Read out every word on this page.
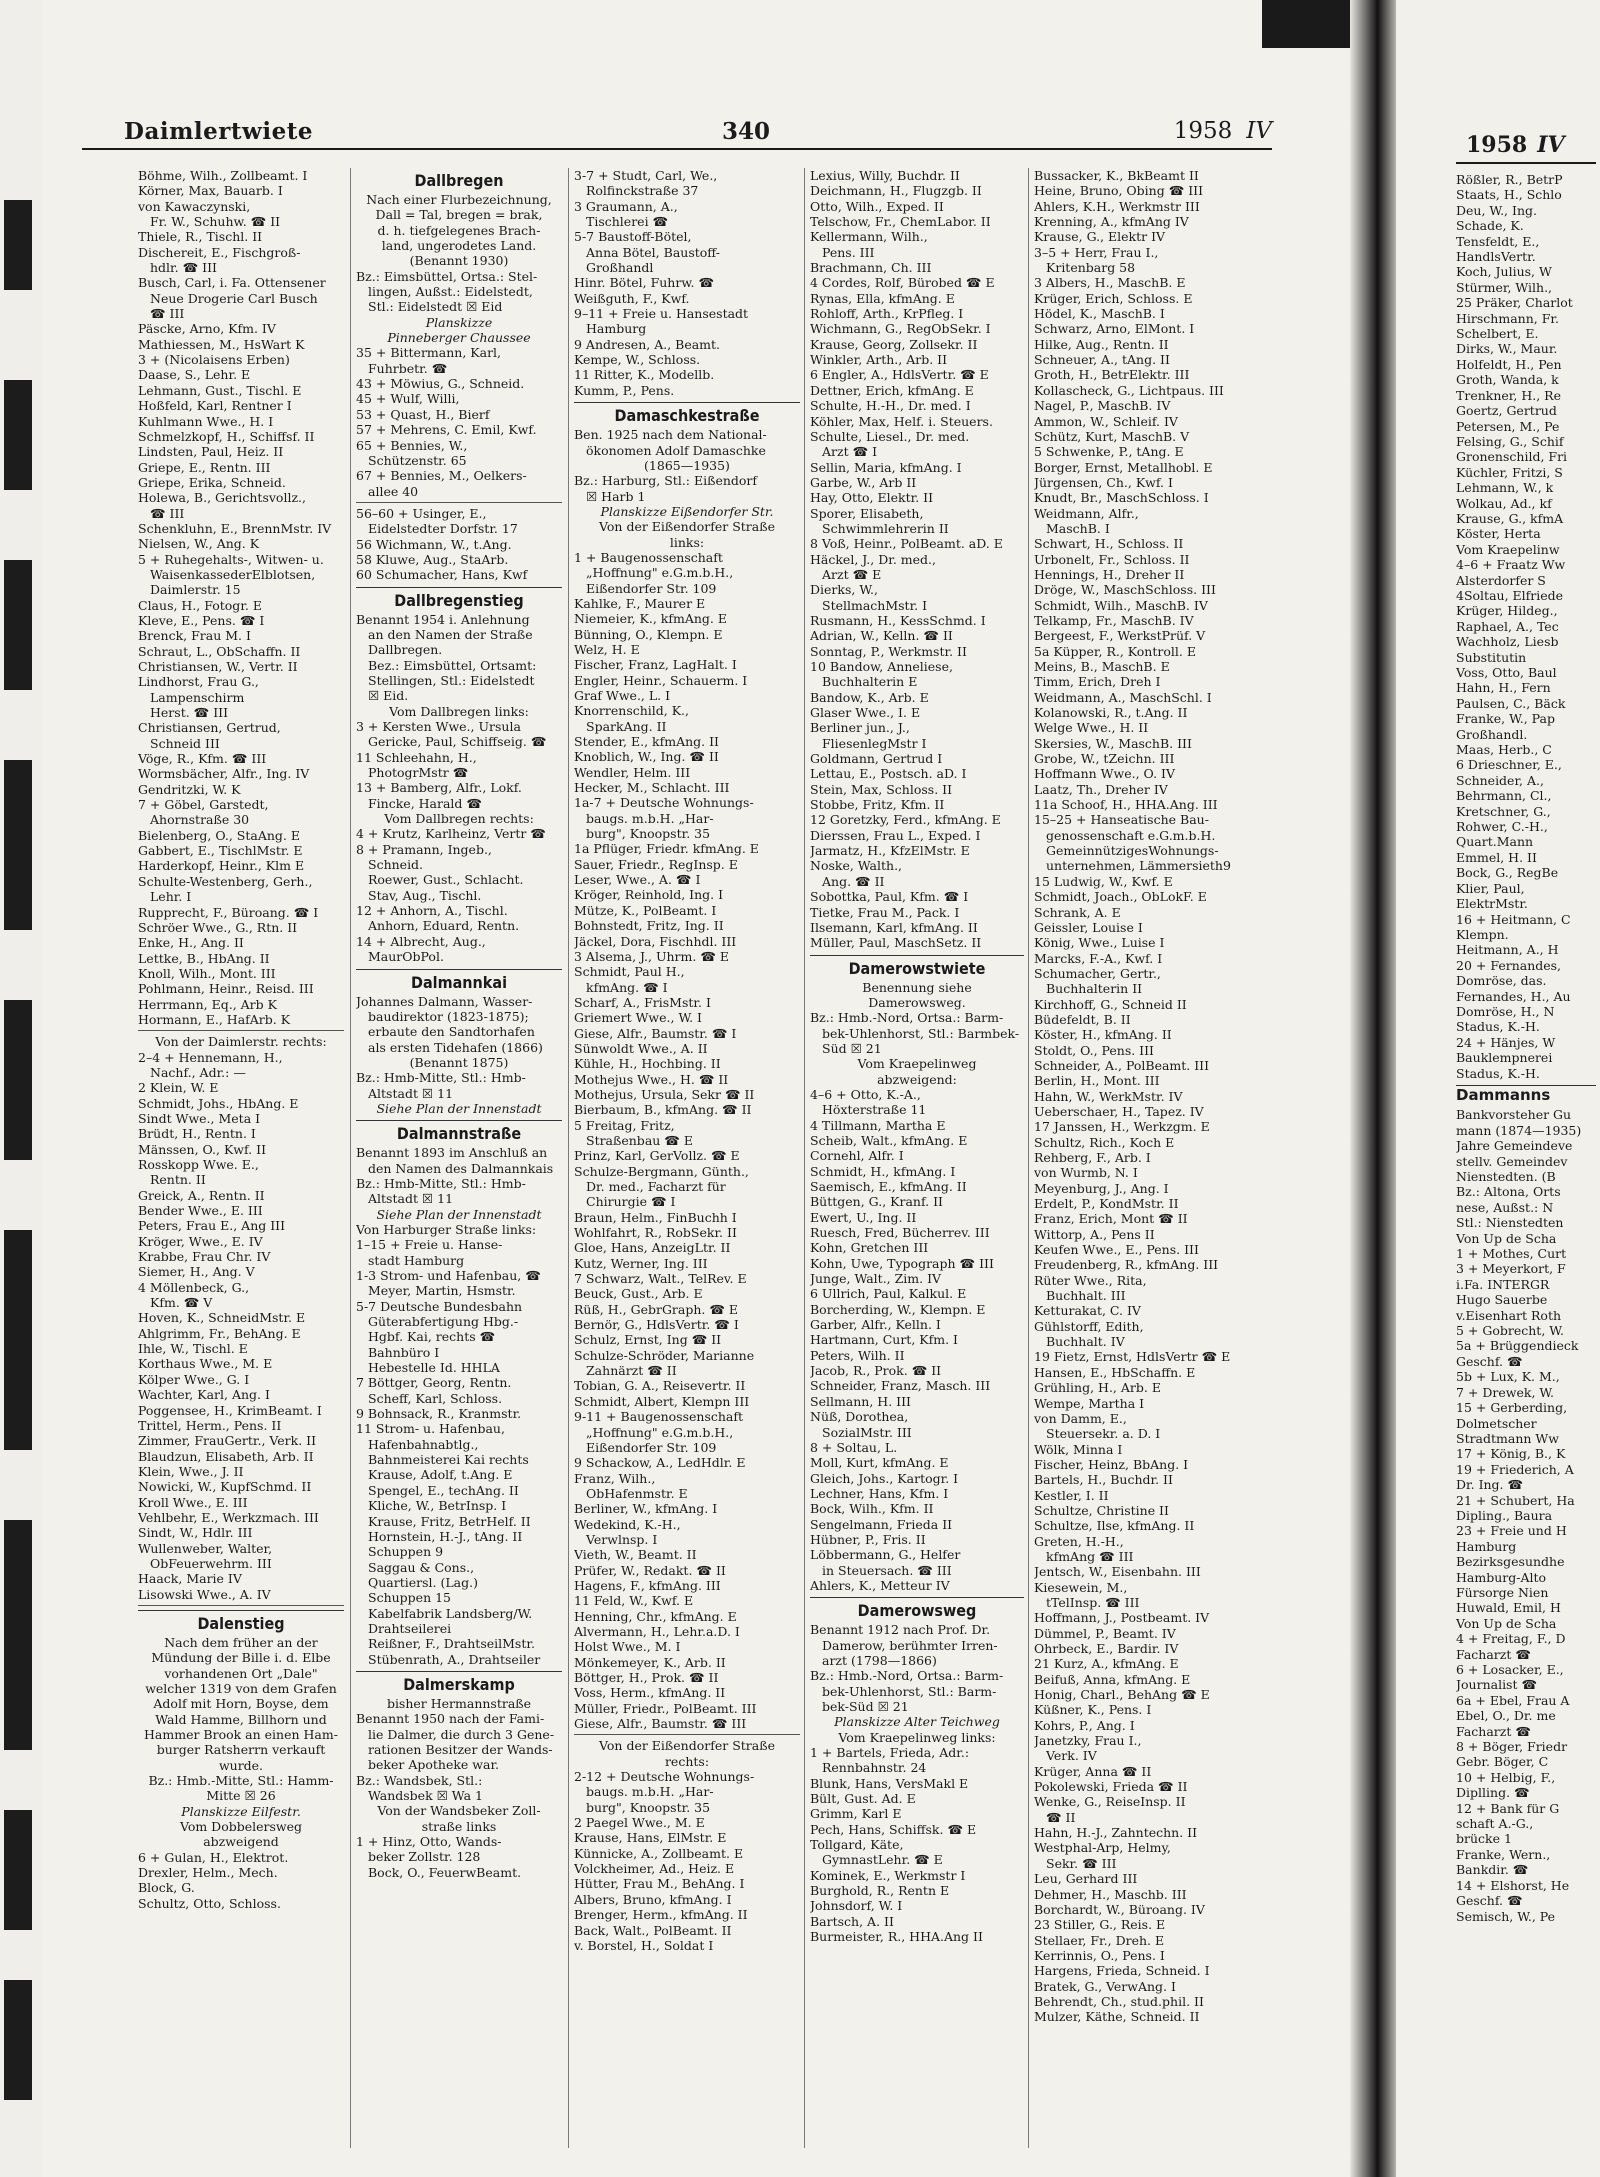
Daimlertwiete	340	1958 IV
Böhme, Wilh., Zollbeamt. I
Körner, Max, Bauarb. I
von Kawaczynski,
Fr. W., Schuhw. ☎ II
Thiele, R., Tischl. II
Dischereit, E., Fischgroß-
hdlr. ☎ III
Busch, Carl, i. Fa. Ottensener
Neue Drogerie Carl Busch
☎ III
Päscke, Arno, Kfm. IV
Mathiessen, M., HsWart K
3 + (Nicolaisens Erben)
Daase, S., Lehr. E
Lehmann, Gust., Tischl. E
Hoßfeld, Karl, Rentner I
Kuhlmann Wwe., H. I
Schmelzkopf, H., Schiffsf. II
Lindsten, Paul, Heiz. II
Griepe, E., Rentn. III
Griepe, Erika, Schneid.
Holewa, B., Gerichtsvollz.,
☎ III
Schenkluhn, E., BrennMstr. IV
Nielsen, W., Ang. K
5 + Ruhegehalts-, Witwen- u.
WaisenkassederElblotsen,
Daimlerstr. 15
Claus, H., Fotogr. E
Kleve, E., Pens. ☎ I
Brenck, Frau M. I
Schraut, L., ObSchaffn. II
Christiansen, W., Vertr. II
Lindhorst, Frau G.,
Lampenschirm
Herst. ☎ III
Christiansen, Gertrud,
Schneid III
Vöge, R., Kfm. ☎ III
Wormsbächer, Alfr., Ing. IV
Gendritzki, W. K
7 + Göbel, Garstedt,
Ahornstraße 30
Bielenberg, O., StaAng. E
Gabbert, E., TischlMstr. E
Harderkopf, Heinr., Klm E
Schulte-Westenberg, Gerh.,
Lehr. I
Rupprecht, F., Büroang. ☎ I
Schröer Wwe., G., Rtn. II
Enke, H., Ang. II
Lettke, B., HbAng. II
Knoll, Wilh., Mont. III
Pohlmann, Heinr., Reisd. III
Herrmann, Eq., Arb K
Hormann, E., HafArb. K
Von der Daimlerstr. rechts:
2–4 + Hennemann, H.,
Nachf., Adr.: —
2 Klein, W. E
Schmidt, Johs., HbAng. E
Sindt Wwe., Meta I
Brüdt, H., Rentn. I
Mänssen, O., Kwf. II
Rosskopp Wwe. E.,
Rentn. II
Greick, A., Rentn. II
Bender Wwe., E. III
Peters, Frau E., Ang III
Kröger, Wwe., E. IV
Krabbe, Frau Chr. IV
Siemer, H., Ang. V
4 Möllenbeck, G.,
Kfm. ☎ V
Hoven, K., SchneidMstr. E
Ahlgrimm, Fr., BehAng. E
Ihle, W., Tischl. E
Korthaus Wwe., M. E
Kölper Wwe., G. I
Wachter, Karl, Ang. I
Poggensee, H., KrimBeamt. I
Trittel, Herm., Pens. II
Zimmer, FrauGertr., Verk. II
Blaudzun, Elisabeth, Arb. II
Klein, Wwe., J. II
Nowicki, W., KupfSchmd. II
Kroll Wwe., E. III
Vehlbehr, E., Werkzmach. III
Sindt, W., Hdlr. III
Wullenweber, Walter,
ObFeuerwehrm. III
Haack, Marie IV
Lisowski Wwe., A. IV
Dalenstieg
Nach dem früher an der
Mündung der Bille i. d. Elbe
vorhandenen Ort „Dale"
welcher 1319 von dem Grafen
Adolf mit Horn, Boyse, dem
Wald Hamme, Billhorn und
Hammer Brook an einen Ham-
burger Ratsherrn verkauft
wurde.
Bz.: Hmb.-Mitte, Stl.: Hamm-
Mitte ☒ 26
Planskizze Eilfestr.
Vom Dobbelersweg
abzweigend
6 + Gulan, H., Elektrot.
Drexler, Helm., Mech.
Block, G.
Schultz, Otto, Schloss.
Dallbregen
Nach einer Flurbezeichnung,
Dall = Tal, bregen = brak,
d. h. tiefgelegenes Brach-
land, ungerodetes Land.
(Benannt 1930)
Bz.: Eimsbüttel, Ortsa.: Stel-
lingen, Außst.: Eidelstedt,
Stl.: Eidelstedt ☒ Eid
Planskizze
Pinneberger Chaussee
35 + Bittermann, Karl,
Fuhrbetr. ☎
43 + Möwius, G., Schneid.
45 + Wulf, Willi,
53 + Quast, H., Bierf
57 + Mehrens, C. Emil, Kwf.
65 + Bennies, W.,
Schützenstr. 65
67 + Bennies, M., Oelkers-
allee 40
56–60 + Usinger, E.,
Eidelstedter Dorfstr. 17
56 Wichmann, W., t.Ang.
58 Kluwe, Aug., StaArb.
60 Schumacher, Hans, Kwf
Dallbregenstieg
Benannt 1954 i. Anlehnung
an den Namen der Straße
Dallbregen.
Bez.: Eimsbüttel, Ortsamt:
Stellingen, Stl.: Eidelstedt
☒ Eid.
Vom Dallbregen links:
3 + Kersten Wwe., Ursula
Gericke, Paul, Schiffseig. ☎
11 Schleehahn, H.,
PhotogrMstr ☎
13 + Bamberg, Alfr., Lokf.
Fincke, Harald ☎
Vom Dallbregen rechts:
4 + Krutz, Karlheinz, Vertr ☎
8 + Pramann, Ingeb.,
Schneid.
Roewer, Gust., Schlacht.
Stav, Aug., Tischl.
12 + Anhorn, A., Tischl.
Anhorn, Eduard, Rentn.
14 + Albrecht, Aug.,
MaurObPol.
Dalmannkai
Johannes Dalmann, Wasser-
baudirektor (1823-1875);
erbaute den Sandtorhafen
als ersten Tidehafen (1866)
(Benannt 1875)
Bz.: Hmb-Mitte, Stl.: Hmb-
Altstadt ☒ 11
Siehe Plan der Innenstadt
Dalmannstraße
Benannt 1893 im Anschluß an
den Namen des Dalmannkais
Bz.: Hmb-Mitte, Stl.: Hmb-
Altstadt ☒ 11
Siehe Plan der Innenstadt
Von Harburger Straße links:
1–15 + Freie u. Hanse-
stadt Hamburg
1-3 Strom- und Hafenbau, ☎
Meyer, Martin, Hsmstr.
5-7 Deutsche Bundesbahn
Güterabfertigung Hbg.-
Hgbf. Kai, rechts ☎
Bahnbüro I
Hebestelle Id. HHLA
7 Böttger, Georg, Rentn.
Scheff, Karl, Schloss.
9 Bohnsack, R., Kranmstr.
11 Strom- u. Hafenbau,
Hafenbahnabtlg.,
Bahnmeisterei Kai rechts
Krause, Adolf, t.Ang. E
Spengel, E., techAng. II
Kliche, W., BetrInsp. I
Krause, Fritz, BetrHelf. II
Hornstein, H.-J., tAng. II
Schuppen 9
Saggau & Cons.,
Quartiersl. (Lag.)
Schuppen 15
Kabelfabrik Landsberg/W.
Drahtseilerei
Reißner, F., DrahtseilMstr.
Stübenrath, A., Drahtseiler
Dalmerskamp
bisher Hermannstraße
Benannt 1950 nach der Fami-
lie Dalmer, die durch 3 Gene-
rationen Besitzer der Wands-
beker Apotheke war.
Bz.: Wandsbek, Stl.:
Wandsbek ☒ Wa 1
Von der Wandsbeker Zoll-
straße links
1 + Hinz, Otto, Wands-
beker Zollstr. 128
Bock, O., FeuerwBeamt.
3-7 + Studt, Carl, We.,
Rolfinckstraße 37
3 Graumann, A.,
Tischlerei ☎
5-7 Baustoff-Bötel,
Anna Bötel, Baustoff-
Großhandl
Hinr. Bötel, Fuhrw. ☎
Weißguth, F., Kwf.
9–11 + Freie u. Hansestadt
Hamburg
9 Andresen, A., Beamt.
Kempe, W., Schloss.
11 Ritter, K., Modellb.
Kumm, P., Pens.
Damaschkestraße
Ben. 1925 nach dem National-
ökonomen Adolf Damaschke
(1865—1935)
Bz.: Harburg, Stl.: Eißendorf
☒ Harb 1
Planskizze Eißendorfer Str.
Von der Eißendorfer Straße
links:
1 + Baugenossenschaft
„Hoffnung" e.G.m.b.H.,
Eißendorfer Str. 109
Kahlke, F., Maurer E
Niemeier, K., kfmAng. E
Bünning, O., Klempn. E
Welz, H. E
Fischer, Franz, LagHalt. I
Engler, Heinr., Schauerm. I
Graf Wwe., L. I
Knorrenschild, K.,
SparkAng. II
Stender, E., kfmAng. II
Knoblich, W., Ing. ☎ II
Wendler, Helm. III
Hecker, M., Schlacht. III
1a-7 + Deutsche Wohnungs-
baugs. m.b.H. „Har-
burg", Knoopstr. 35
1a Pflüger, Friedr. kfmAng. E
Sauer, Friedr., RegInsp. E
Leser, Wwe., A. ☎ I
Kröger, Reinhold, Ing. I
Mütze, K., PolBeamt. I
Bohnstedt, Fritz, Ing. II
Jäckel, Dora, Fischhdl. III
3 Alsema, J., Uhrm. ☎ E
Schmidt, Paul H.,
kfmAng. ☎ I
Scharf, A., FrisMstr. I
Griemert Wwe., W. I
Giese, Alfr., Baumstr. ☎ I
Sünwoldt Wwe., A. II
Kühle, H., Hochbing. II
Mothejus Wwe., H. ☎ II
Mothejus, Ursula, Sekr ☎ II
Bierbaum, B., kfmAng. ☎ II
5 Freitag, Fritz,
Straßenbau ☎ E
Prinz, Karl, GerVollz. ☎ E
Schulze-Bergmann, Günth.,
Dr. med., Facharzt für
Chirurgie ☎ I
Braun, Helm., FinBuchh I
Wohlfahrt, R., RobSekr. II
Gloe, Hans, AnzeigLtr. II
Kutz, Werner, Ing. III
7 Schwarz, Walt., TelRev. E
Beuck, Gust., Arb. E
Rüß, H., GebrGraph. ☎ E
Bernör, G., HdlsVertr. ☎ I
Schulz, Ernst, Ing ☎ II
Schulze-Schröder, Marianne
Zahnärzt ☎ II
Tobian, G. A., Reisevertr. II
Schmidt, Albert, Klempn III
9-11 + Baugenossenschaft
„Hoffnung" e.G.m.b.H.,
Eißendorfer Str. 109
9 Schackow, A., LedHdlr. E
Franz, Wilh.,
ObHafenmstr. E
Berliner, W., kfmAng. I
Wedekind, K.-H.,
Verwlnsp. I
Vieth, W., Beamt. II
Prüfer, W., Redakt. ☎ II
Hagens, F., kfmAng. III
11 Feld, W., Kwf. E
Henning, Chr., kfmAng. E
Alvermann, H., Lehr.a.D. I
Holst Wwe., M. I
Mönkemeyer, K., Arb. II
Böttger, H., Prok. ☎ II
Voss, Herm., kfmAng. II
Müller, Friedr., PolBeamt. III
Giese, Alfr., Baumstr. ☎ III
Von der Eißendorfer Straße
rechts:
2-12 + Deutsche Wohnungs-
baugs. m.b.H. „Har-
burg", Knoopstr. 35
2 Paegel Wwe., M. E
Krause, Hans, ElMstr. E
Künnicke, A., Zollbeamt. E
Volckheimer, Ad., Heiz. E
Hütter, Frau M., BehAng. I
Albers, Bruno, kfmAng. I
Brenger, Herm., kfmAng. II
Back, Walt., PolBeamt. II
v. Borstel, H., Soldat I
Lexius, Willy, Buchdr. II
Deichmann, H., Flugzgb. II
Otto, Wilh., Exped. II
Telschow, Fr., ChemLabor. II
Kellermann, Wilh.,
Pens. III
Brachmann, Ch. III
4 Cordes, Rolf, Bürobed ☎ E
Rynas, Ella, kfmAng. E
Rohloff, Arth., KrPfleg. I
Wichmann, G., RegObSekr. I
Krause, Georg, Zollsekr. II
Winkler, Arth., Arb. II
6 Engler, A., HdlsVertr. ☎ E
Dettner, Erich, kfmAng. E
Schulte, H.-H., Dr. med. I
Köhler, Max, Helf. i. Steuers.
Schulte, Liesel., Dr. med.
Arzt ☎ I
Sellin, Maria, kfmAng. I
Garbe, W., Arb II
Hay, Otto, Elektr. II
Sporer, Elisabeth,
Schwimmlehrerin II
8 Voß, Heinr., PolBeamt. aD. E
Häckel, J., Dr. med.,
Arzt ☎ E
Dierks, W.,
StellmachMstr. I
Rusmann, H., KessSchmd. I
Adrian, W., Kelln. ☎ II
Sonntag, P., Werkmstr. II
10 Bandow, Anneliese,
Buchhalterin E
Bandow, K., Arb. E
Glaser Wwe., I. E
Berliner jun., J.,
FliesenlegMstr I
Goldmann, Gertrud I
Lettau, E., Postsch. aD. I
Stein, Max, Schloss. II
Stobbe, Fritz, Kfm. II
12 Goretzky, Ferd., kfmAng. E
Dierssen, Frau L., Exped. I
Jarmatz, H., KfzElMstr. E
Noske, Walth.,
Ang. ☎ II
Sobottka, Paul, Kfm. ☎ I
Tietke, Frau M., Pack. I
Ilsemann, Karl, kfmAng. II
Müller, Paul, MaschSetz. II
Damerowstwiete
Benennung siehe
Damerowsweg.
Bz.: Hmb.-Nord, Ortsa.: Barm-
bek-Uhlenhorst, Stl.: Barmbek-
Süd ☒ 21
Vom Kraepelinweg
abzweigend:
4–6 + Otto, K.-A.,
Höxterstraße 11
4 Tillmann, Martha E
Scheib, Walt., kfmAng. E
Cornehl, Alfr. I
Schmidt, H., kfmAng. I
Saemisch, E., kfmAng. II
Büttgen, G., Kranf. II
Ewert, U., Ing. II
Ruesch, Fred, Bücherrev. III
Kohn, Gretchen III
Kohn, Uwe, Typograph ☎ III
Junge, Walt., Zim. IV
6 Ullrich, Paul, Kalkul. E
Borcherding, W., Klempn. E
Garber, Alfr., Kelln. I
Hartmann, Curt, Kfm. I
Peters, Wilh. II
Jacob, R., Prok. ☎ II
Schneider, Franz, Masch. III
Sellmann, H. III
Nüß, Dorothea,
SozialMstr. III
8 + Soltau, L.
Moll, Kurt, kfmAng. E
Gleich, Johs., Kartogr. I
Lechner, Hans, Kfm. I
Bock, Wilh., Kfm. II
Sengelmann, Frieda II
Hübner, P., Fris. II
Löbbermann, G., Helfer
in Steuersach. ☎ III
Ahlers, K., Metteur IV
Damerowsweg
Benannt 1912 nach Prof. Dr.
Damerow, berühmter Irren-
arzt (1798—1866)
Bz.: Hmb.-Nord, Ortsa.: Barm-
bek-Uhlenhorst, Stl.: Barm-
bek-Süd ☒ 21
Planskizze Alter Teichweg
Vom Kraepelinweg links:
1 + Bartels, Frieda, Adr.:
Rennbahnstr. 24
Blunk, Hans, VersMakl E
Bült, Gust. Ad. E
Grimm, Karl E
Pech, Hans, Schiffsk. ☎ E
Tollgard, Käte,
GymnastLehr. ☎ E
Kominek, E., Werkmstr I
Burghold, R., Rentn E
Johnsdorf, W. I
Bartsch, A. II
Burmeister, R., HHA.Ang II
Bussacker, K., BkBeamt II
Heine, Bruno, Obing ☎ III
Ahlers, K.H., Werkmstr III
Krenning, A., kfmAng IV
Krause, G., Elektr IV
3–5 + Herr, Frau I.,
Kritenbarg 58
3 Albers, H., MaschB. E
Krüger, Erich, Schloss. E
Hödel, K., MaschB. I
Schwarz, Arno, ElMont. I
Hilke, Aug., Rentn. II
Schneuer, A., tAng. II
Groth, H., BetrElektr. III
Kollascheck, G., Lichtpaus. III
Nagel, P., MaschB. IV
Ammon, W., Schleif. IV
Schütz, Kurt, MaschB. V
5 Schwenke, P., tAng. E
Borger, Ernst, Metallhobl. E
Jürgensen, Ch., Kwf. I
Knudt, Br., MaschSchloss. I
Weidmann, Alfr.,
MaschB. I
Schwart, H., Schloss. II
Urbonelt, Fr., Schloss. II
Hennings, H., Dreher II
Dröge, W., MaschSchloss. III
Schmidt, Wilh., MaschB. IV
Telkamp, Fr., MaschB. IV
Bergeest, F., WerkstPrüf. V
5a Küpper, R., Kontroll. E
Meins, B., MaschB. E
Timm, Erich, Dreh I
Weidmann, A., MaschSchl. I
Kolanowski, R., t.Ang. II
Welge Wwe., H. II
Skersies, W., MaschB. III
Grobe, W., tZeichn. III
Hoffmann Wwe., O. IV
Laatz, Th., Dreher IV
11a Schoof, H., HHA.Ang. III
15–25 + Hanseatische Bau-
genossenschaft e.G.m.b.H.
GemeinnützigesWohnungs-
unternehmen, Lämmersieth9
15 Ludwig, W., Kwf. E
Schmidt, Joach., ObLokF. E
Schrank, A. E
Geissler, Louise I
König, Wwe., Luise I
Marcks, F.-A., Kwf. I
Schumacher, Gertr.,
Buchhalterin II
Kirchhoff, G., Schneid II
Büdefeldt, B. II
Köster, H., kfmAng. II
Stoldt, O., Pens. III
Schneider, A., PolBeamt. III
Berlin, H., Mont. III
Hahn, W., WerkMstr. IV
Ueberschaer, H., Tapez. IV
17 Janssen, H., Werkzgm. E
Schultz, Rich., Koch E
Rehberg, F., Arb. I
von Wurmb, N. I
Meyenburg, J., Ang. I
Erdelt, P., KondMstr. II
Franz, Erich, Mont ☎ II
Wittorp, A., Pens II
Keufen Wwe., E., Pens. III
Freudenberg, R., kfmAng. III
Rüter Wwe., Rita,
Buchhalt. III
Ketturakat, C. IV
Gühlstorff, Edith,
Buchhalt. IV
19 Fietz, Ernst, HdlsVertr ☎ E
Hansen, E., HbSchaffn. E
Grühling, H., Arb. E
Wempe, Martha I
von Damm, E.,
Steuersekr. a. D. I
Wölk, Minna I
Fischer, Heinz, BbAng. I
Bartels, H., Buchdr. II
Kestler, I. II
Schultze, Christine II
Schultze, Ilse, kfmAng. II
Greten, H.-H.,
kfmAng ☎ III
Jentsch, W., Eisenbahn. III
Kiesewein, M.,
tTelInsp. ☎ III
Hoffmann, J., Postbeamt. IV
Dümmel, P., Beamt. IV
Ohrbeck, E., Bardir. IV
21 Kurz, A., kfmAng. E
Beifuß, Anna, kfmAng. E
Honig, Charl., BehAng ☎ E
Küßner, K., Pens. I
Kohrs, P., Ang. I
Janetzky, Frau I.,
Verk. IV
Krüger, Anna ☎ II
Pokolewski, Frieda ☎ II
Wenke, G., ReiseInsp. II
☎ II
Hahn, H.-J., Zahntechn. II
Westphal-Arp, Helmy,
Sekr. ☎ III
Leu, Gerhard III
Dehmer, H., Maschb. III
Borchardt, W., Büroang. IV
23 Stiller, G., Reis. E
Stellaer, Fr., Dreh. E
Kerrinnis, O., Pens. I
Hargens, Frieda, Schneid. I
Bratek, G., VerwAng. I
Behrendt, Ch., stud.phil. II
Mulzer, Käthe, Schneid. II
1958 IV
Rößler, R., BetrP
Staats, H., Schlo
Deu, W., Ing.
Schade, K.
Tensfeldt, E.,
HandlsVertr.
Koch, Julius, W
Stürmer, Wilh.,
25 Präker, Charlot
Hirschmann, Fr.
Schelbert, E.
Dirks, W., Maur.
Holfeldt, H., Pen
Groth, Wanda, k
Trenkner, H., Re
Goertz, Gertrud
Petersen, M., Pe
Felsing, G., Schif
Gronenschild, Fri
Küchler, Fritzi, S
Lehmann, W., k
Wolkau, Ad., kf
Krause, G., kfmA
Köster, Herta
Vom Kraepelinw
4–6 + Fraatz Ww
Alsterdorfer S
4Soltau, Elfriede
Krüger, Hildeg.,
Raphael, A., Tec
Wachholz, Liesb
Substitutin
Voss, Otto, Baul
Hahn, H., Fern
Paulsen, C., Bäck
Franke, W., Pap
Großhandl.
Maas, Herb., C
6 Drieschner, E.,
Schneider, A.,
Behrmann, Cl.,
Kretschner, G.,
Rohwer, C.-H.,
Quart.Mann
Emmel, H. II
Bock, G., RegBe
Klier, Paul,
ElektrMstr.
16 + Heitmann, C
Klempn.
Heitmann, A., H
20 + Fernandes,
Domröse, das.
Fernandes, H., Au
Domröse, H., N
Stadus, K.-H.
24 + Hänjes, W
Bauklempnerei
Stadus, K.-H.
Dammanns
Bankvorsteher Gu
mann (1874—1935)
Jahre Gemeindeve
stellv. Gemeindev
Nienstedten. (B
Bz.: Altona, Orts
nese, Außst.: N
Stl.: Nienstedten
Von Up de Scha
1 + Mothes, Curt
3 + Meyerkort, F
i.Fa. INTERGR
Hugo Sauerbe
v.Eisenhart Roth
5 + Gobrecht, W.
5a + Brüggendieck
Geschf. ☎
5b + Lux, K. M.,
7 + Drewek, W.
15 + Gerberding,
Dolmetscher
Stradtmann Ww
17 + König, B., K
19 + Friederich, A
Dr. Ing. ☎
21 + Schubert, Ha
Dipling., Baura
23 + Freie und H
Hamburg
Bezirksgesundhe
Hamburg-Alto
Fürsorge Nien
Huwald, Emil, H
Von Up de Scha
4 + Freitag, F., D
Facharzt ☎
6 + Losacker, E.,
Journalist ☎
6a + Ebel, Frau A
Ebel, O., Dr. me
Facharzt ☎
8 + Böger, Friedr
Gebr. Böger, C
10 + Helbig, F.,
Diplling. ☎
12 + Bank für G
schaft A.-G.,
brücke 1
Franke, Wern.,
Bankdir. ☎
14 + Elshorst, He
Geschf. ☎
Semisch, W., Pe
